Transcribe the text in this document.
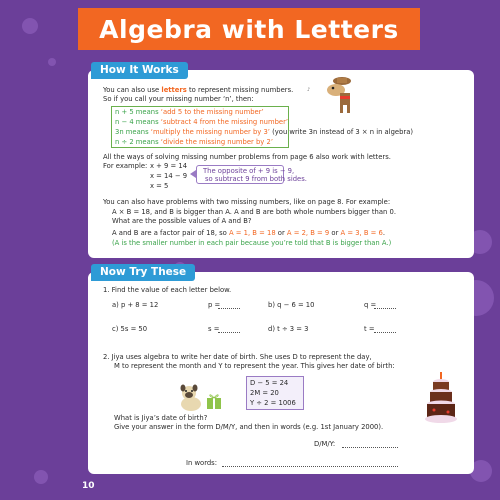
Algebra with Letters
How It Works
♪
You can also use letters to represent missing numbers.
So if you call your missing number ‘n’, then:
n + 5 means ‘add 5 to the missing number’
n − 4 means ‘subtract 4 from the missing number’
3n means ‘multiply the missing number by 3’ (you write 3n instead of 3 × n in algebra)
n ÷ 2 means ‘divide the missing number by 2’
All the ways of solving missing number problems from page 6 also work with letters.
For example: x + 9 = 14
x = 14 − 9
x = 5
The opposite of + 9 is − 9,
so subtract 9 from both sides.
You can also have problems with two missing numbers, like on page 8. For example:
A × B = 18, and B is bigger than A. A and B are both whole numbers bigger than 0.
What are the possible values of A and B?
A and B are a factor pair of 18, so A = 1, B = 18 or A = 2, B = 9 or A = 3, B = 6.
(A is the smaller number in each pair because you’re told that B is bigger than A.)
Now Try These
1. Find the value of each letter below.
a) p + 8 = 12	p =	b) q − 6 = 10	q =
c) 5s = 50	s =	d) t ÷ 3 = 3	t =
2. Jiya uses algebra to write her date of birth. She uses D to represent the day,
M to represent the month and Y to represent the year. This gives her date of birth:
D − 5 = 24
2M = 20
Y ÷ 2 = 1006
What is Jiya’s date of birth?
Give your answer in the form D/M/Y, and then in words (e.g. 1st January 2000).
D/M/Y:
In words:
10
